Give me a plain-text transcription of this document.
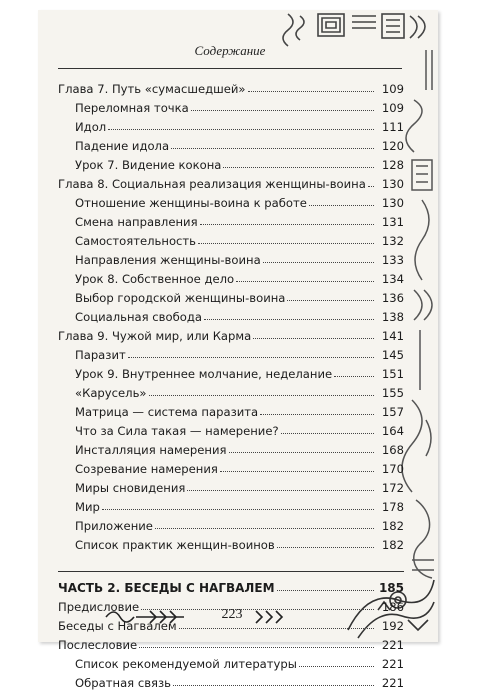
Содержание
Глава 7. Путь «сумасшедшей»	109
Переломная точка	109
Идол	111
Падение идола	120
Урок 7. Видение кокона	128
Глава 8. Социальная реализация женщины-воина	130
Отношение женщины-воина к работе	130
Смена направления	131
Самостоятельность	132
Направления женщины-воина	133
Урок 8. Собственное дело	134
Выбор городской женщины-воина	136
Социальная свобода	138
Глава 9. Чужой мир, или Карма	141
Паразит	145
Урок 9. Внутреннее молчание, неделание	151
«Карусель»	155
Матрица — система паразита	157
Что за Сила такая — намерение?	164
Инсталляция намерения	168
Созревание намерения	170
Миры сновидения	172
Мир	178
Приложение	182
Список практик женщин-воинов	182
ЧАСТЬ 2. БЕСЕДЫ С НАГВАЛЕМ	185
Предисловие	186
Беседы с Нагвалем	192
Послесловие	221
Список рекомендуемой литературы	221
Обратная связь	221
223
